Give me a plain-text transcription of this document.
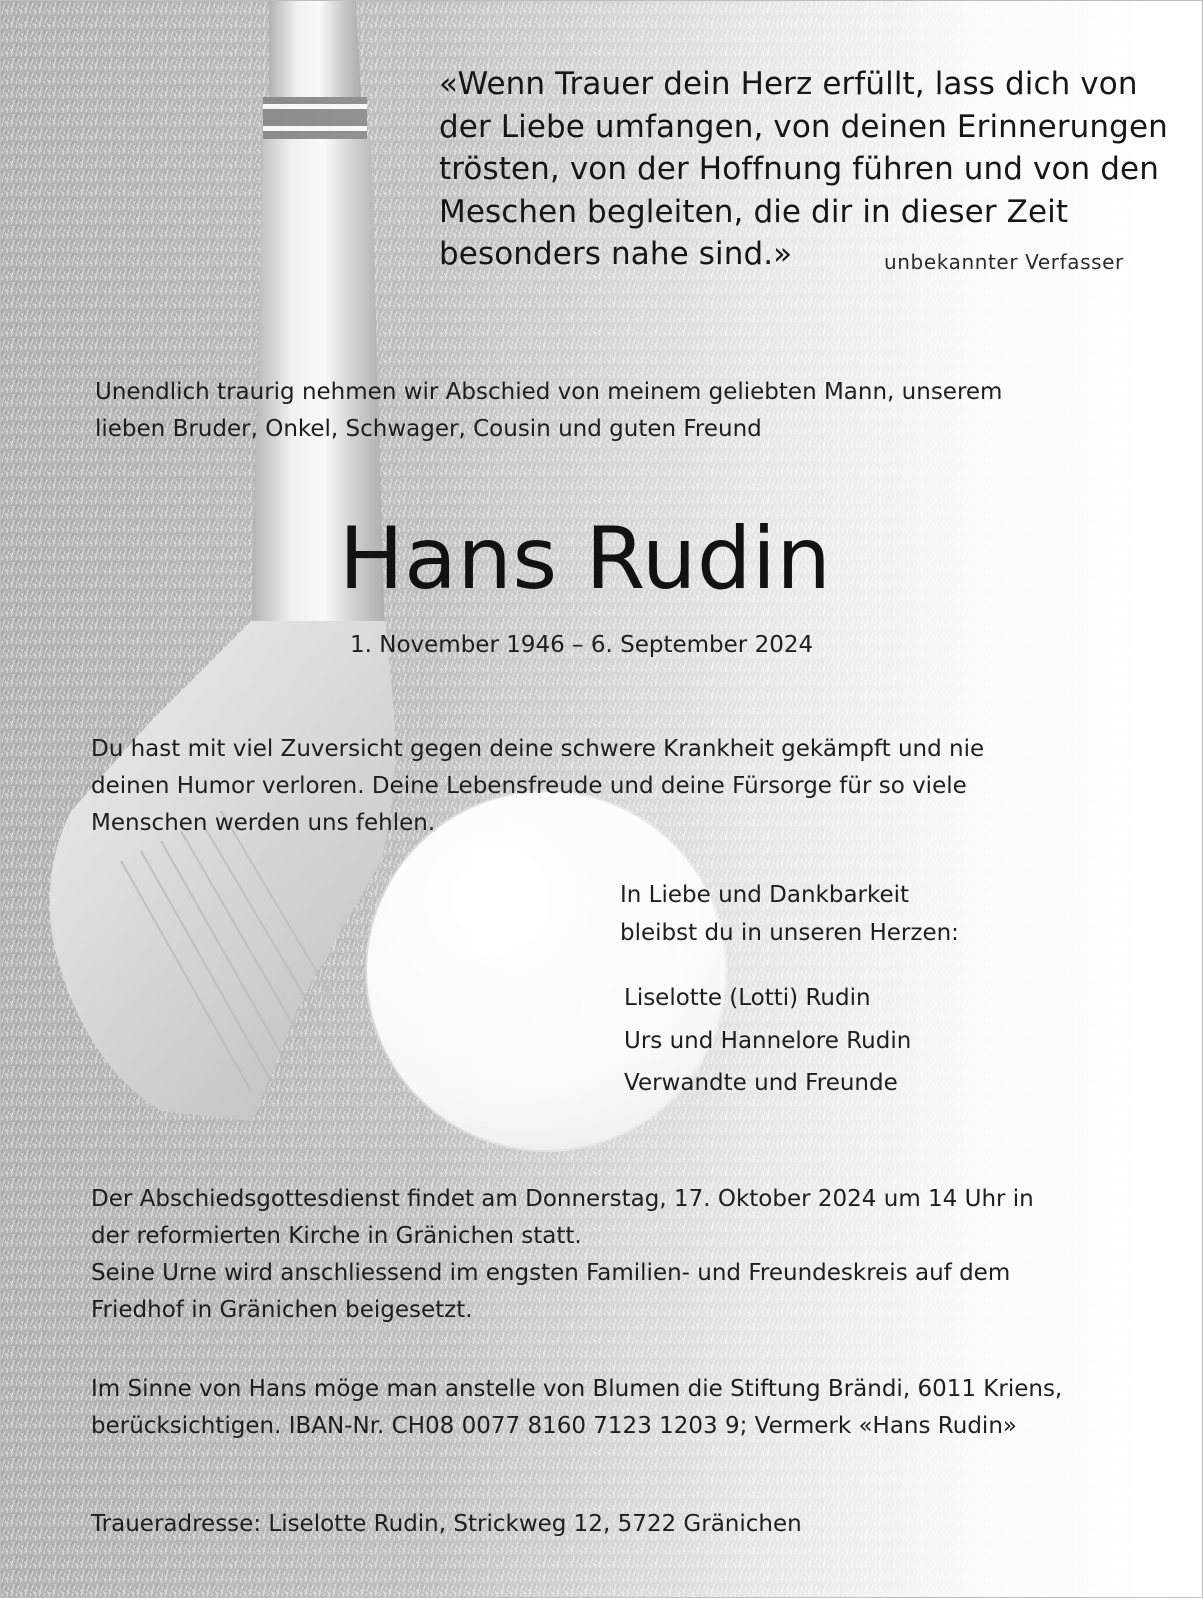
«Wenn Trauer dein Herz erfüllt, lass dich von
der Liebe umfangen, von deinen Erinnerungen
trösten, von der Hoffnung führen und von den
Meschen begleiten, die dir in dieser Zeit
besonders nahe sind.»	unbekannter Verfasser
Unendlich traurig nehmen wir Abschied von meinem geliebten Mann, unserem
lieben Bruder, Onkel, Schwager, Cousin und guten Freund
Hans Rudin
1. November 1946 – 6. September 2024
Du hast mit viel Zuversicht gegen deine schwere Krankheit gekämpft und nie
deinen Humor verloren. Deine Lebensfreude und deine Fürsorge für so viele
Menschen werden uns fehlen.
In Liebe und Dankbarkeit
bleibst du in unseren Herzen:
Liselotte (Lotti) Rudin
Urs und Hannelore Rudin
Verwandte und Freunde
Der Abschiedsgottesdienst findet am Donnerstag, 17. Oktober 2024 um 14 Uhr in
der reformierten Kirche in Gränichen statt.
Seine Urne wird anschliessend im engsten Familien- und Freundeskreis auf dem
Friedhof in Gränichen beigesetzt.
Im Sinne von Hans möge man anstelle von Blumen die Stiftung Brändi, 6011 Kriens,
berücksichtigen. IBAN-Nr. CH08 0077 8160 7123 1203 9; Vermerk «Hans Rudin»
Traueradresse: Liselotte Rudin, Strickweg 12, 5722 Gränichen
